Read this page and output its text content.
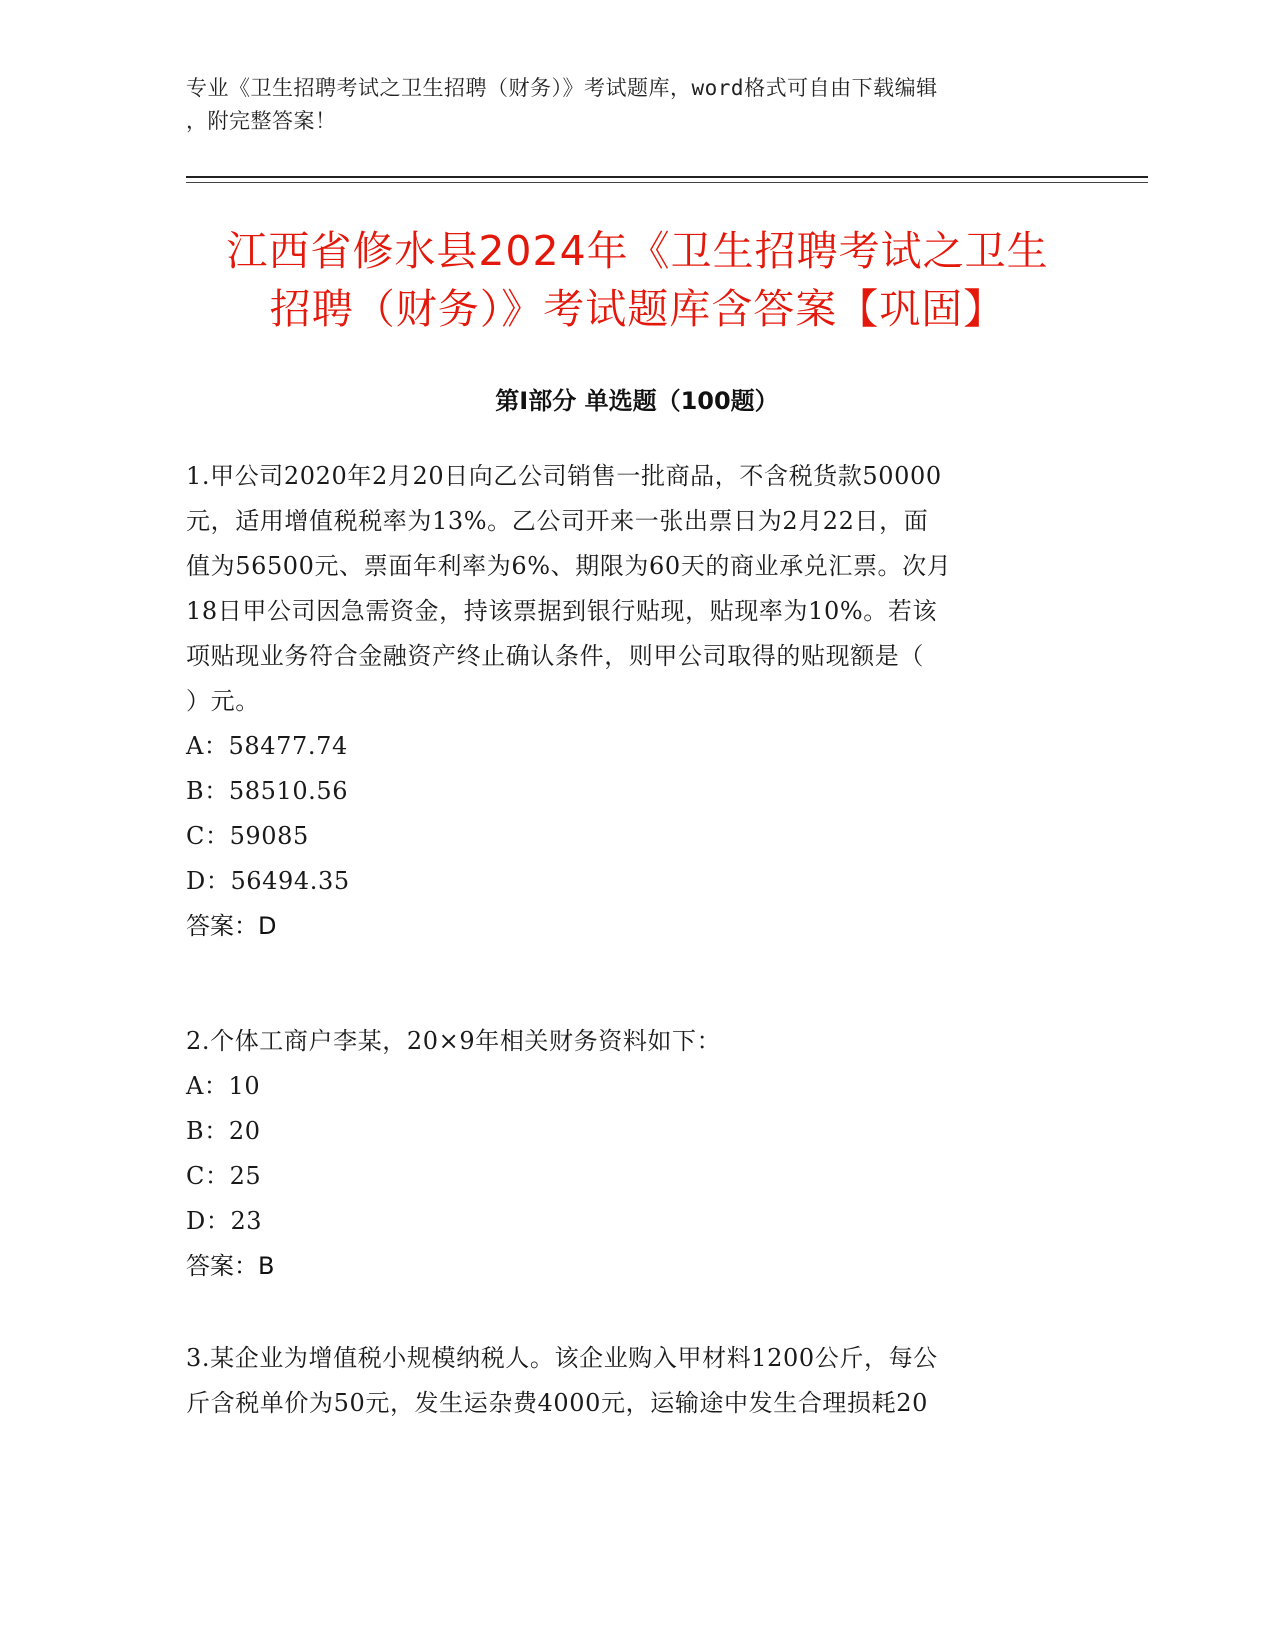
专业《卫生招聘考试之卫生招聘（财务）》考试题库，word格式可自由下载编辑
，附完整答案！
江西省修水县2024年《卫生招聘考试之卫生
招聘（财务）》考试题库含答案【巩固】
第Ⅰ部分 单选题（100题）
1.甲公司2020年2月20日向乙公司销售一批商品，不含税货款50000
元，适用增值税税率为13%。乙公司开来一张出票日为2月22日，面
值为56500元、票面年利率为6%、期限为60天的商业承兑汇票。次月
18日甲公司因急需资金，持该票据到银行贴现，贴现率为10%。若该
项贴现业务符合金融资产终止确认条件，则甲公司取得的贴现额是（
）元。
A：58477.74
B：58510.56
C：59085
D：56494.35
答案：D
2.个体工商户李某，20×9年相关财务资料如下：
A：10
B：20
C：25
D：23
答案：B
3.某企业为增值税小规模纳税人。该企业购入甲材料1200公斤，每公
斤含税单价为50元，发生运杂费4000元，运输途中发生合理损耗20
